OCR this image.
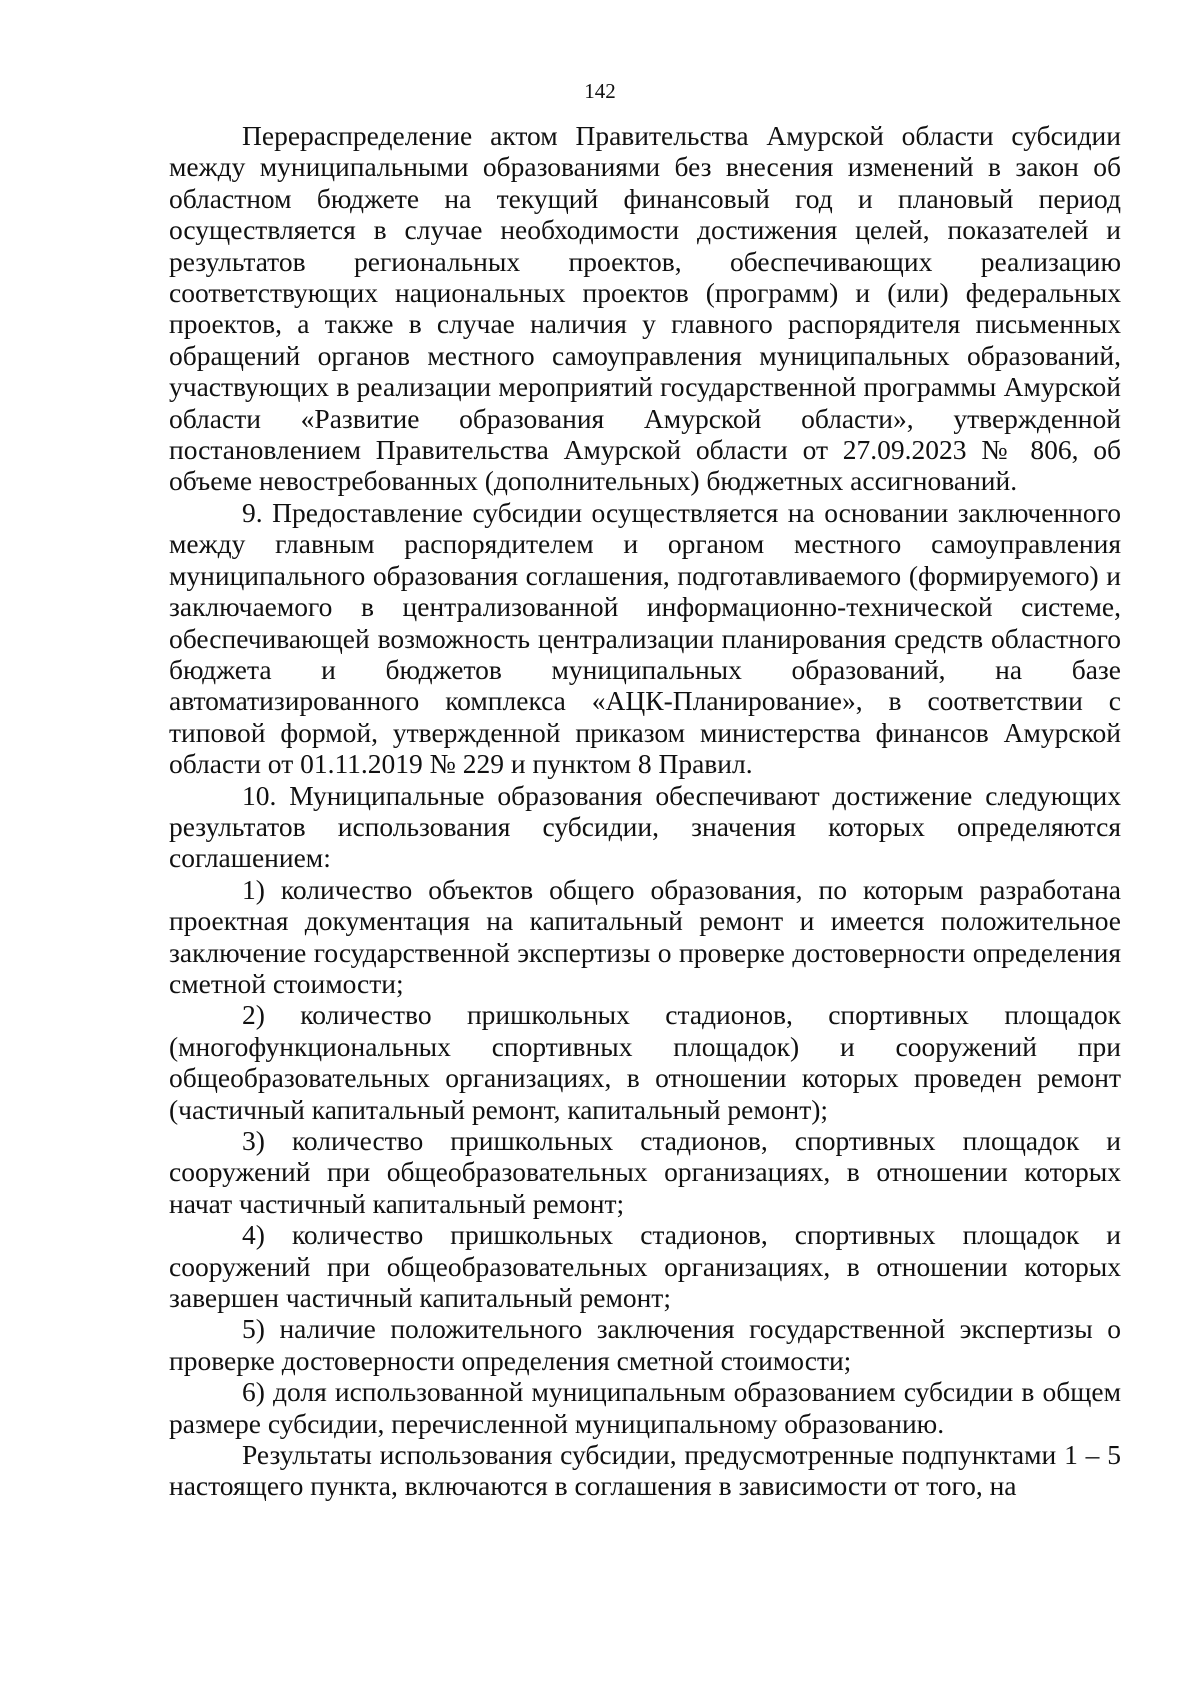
142

Перераспределение актом Правительства Амурской области субсидии между муниципальными образованиями без внесения изменений в закон об областном бюджете на текущий финансовый год и плановый период осуществляется в случае необходимости достижения целей, показателей и результатов региональных проектов, обеспечивающих реализацию соответствующих национальных проектов (программ) и (или) федеральных проектов, а также в случае наличия у главного распорядителя письменных обращений органов местного самоуправления муниципальных образований, участвующих в реализации мероприятий государственной программы Амурской области «Развитие образования Амурской области», утвержденной постановлением Правительства Амурской области от 27.09.2023 № 806, об объеме невостребованных (дополнительных) бюджетных ассигнований.

9. Предоставление субсидии осуществляется на основании заключенного между главным распорядителем и органом местного самоуправления муниципального образования соглашения, подготавливаемого (формируемого) и заключаемого в централизованной информационно-технической системе, обеспечивающей возможность централизации планирования средств областного бюджета и бюджетов муниципальных образований, на базе автоматизированного комплекса «АЦК-Планирование», в соответствии с типовой формой, утвержденной приказом министерства финансов Амурской области от 01.11.2019 № 229 и пунктом 8 Правил.

10. Муниципальные образования обеспечивают достижение следующих результатов использования субсидии, значения которых определяются соглашением:

1) количество объектов общего образования, по которым разработана проектная документация на капитальный ремонт и имеется положительное заключение государственной экспертизы о проверке достоверности определения сметной стоимости;

2) количество пришкольных стадионов, спортивных площадок (многофункциональных спортивных площадок) и сооружений при общеобразовательных организациях, в отношении которых проведен ремонт (частичный капитальный ремонт, капитальный ремонт);

3) количество пришкольных стадионов, спортивных площадок и сооружений при общеобразовательных организациях, в отношении которых начат частичный капитальный ремонт;

4) количество пришкольных стадионов, спортивных площадок и сооружений при общеобразовательных организациях, в отношении которых завершен частичный капитальный ремонт;

5) наличие положительного заключения государственной экспертизы о проверке достоверности определения сметной стоимости;

6) доля использованной муниципальным образованием субсидии в общем размере субсидии, перечисленной муниципальному образованию.

Результаты использования субсидии, предусмотренные подпунктами 1 – 5 настоящего пункта, включаются в соглашения в зависимости от того, на
